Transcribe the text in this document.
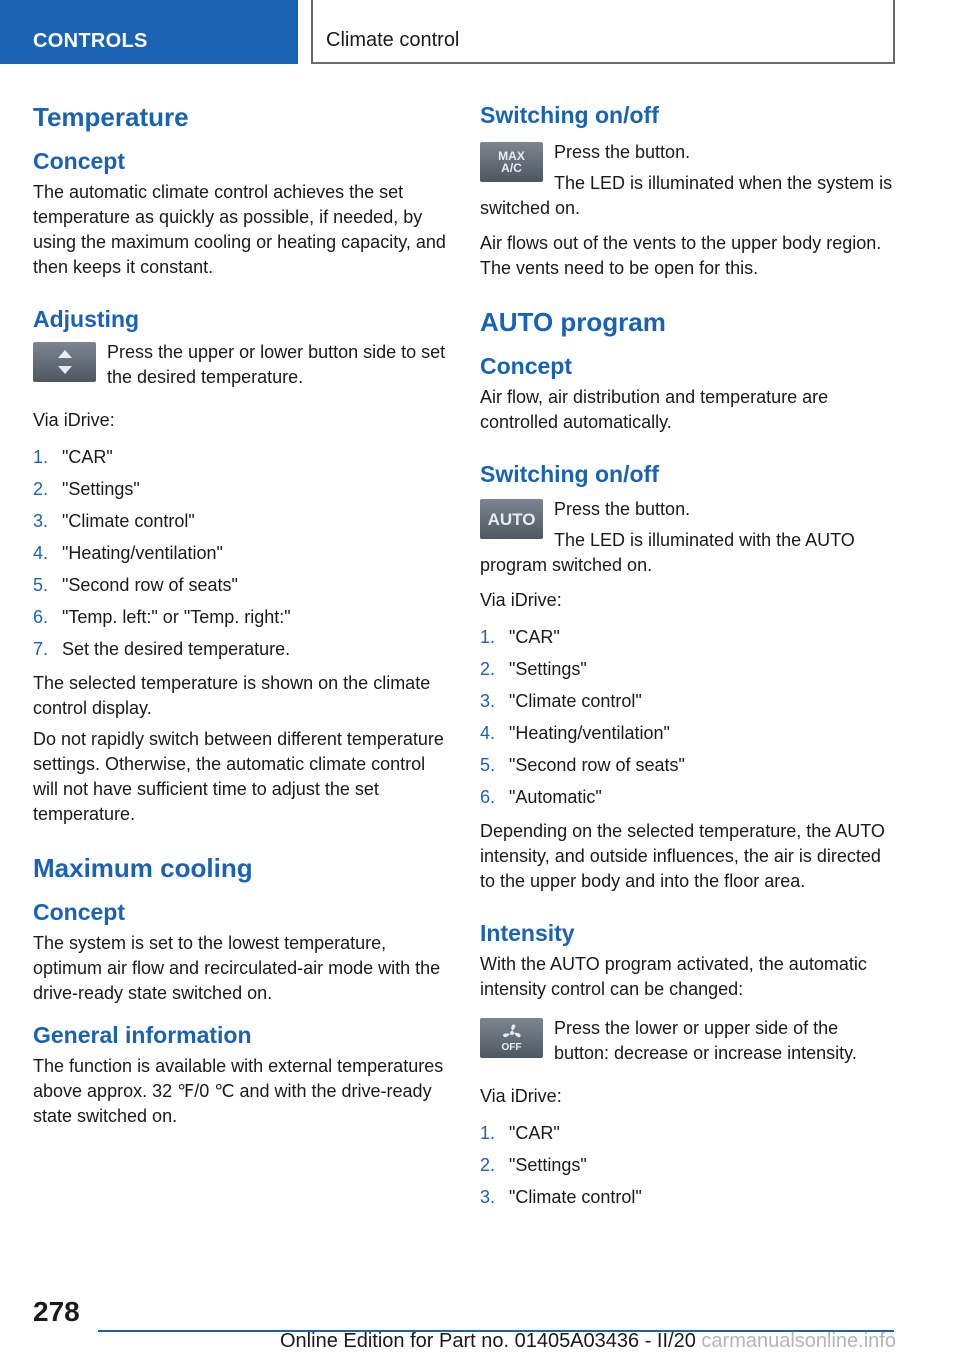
CONTROLS	Climate control
Temperature
Concept
The automatic climate control achieves the set temperature as quickly as possible, if needed, by using the maximum cooling or heating capacity, and then keeps it constant.
Adjusting
Press the upper or lower button side to set the desired temperature.
Via iDrive:
1. "CAR"
2. "Settings"
3. "Climate control"
4. "Heating/ventilation"
5. "Second row of seats"
6. "Temp. left:" or "Temp. right:"
7. Set the desired temperature.
The selected temperature is shown on the climate control display.
Do not rapidly switch between different temperature settings. Otherwise, the automatic climate control will not have sufficient time to adjust the set temperature.
Maximum cooling
Concept
The system is set to the lowest temperature, optimum air flow and recirculated-air mode with the drive-ready state switched on.
General information
The function is available with external temperatures above approx. 32 ℉/0 ℃ and with the drive-ready state switched on.
Switching on/off
MAX
A/C
Press the button.
The LED is illuminated when the system is switched on.
Air flows out of the vents to the upper body region. The vents need to be open for this.
AUTO program
Concept
Air flow, air distribution and temperature are controlled automatically.
Switching on/off
AUTO	Press the button.
The LED is illuminated with the AUTO program switched on.
Via iDrive:
1. "CAR"
2. "Settings"
3. "Climate control"
4. "Heating/ventilation"
5. "Second row of seats"
6. "Automatic"
Depending on the selected temperature, the AUTO intensity, and outside influences, the air is directed to the upper body and into the floor area.
Intensity
With the AUTO program activated, the automatic intensity control can be changed:
OFF
Press the lower or upper side of the button: decrease or increase intensity.
Via iDrive:
1. "CAR"
2. "Settings"
3. "Climate control"
278
Online Edition for Part no. 01405A03436 - II/20 carmanualsonline.info
